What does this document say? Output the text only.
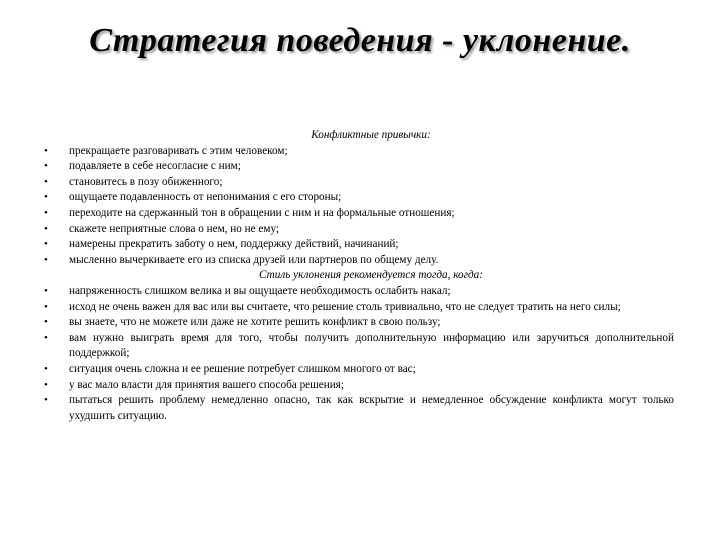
Стратегия поведения - уклонение.
Конфликтные привычки:
• прекращаете разговаривать с этим человеком;
• подавляете в себе несогласие с ним;
• становитесь в позу обиженного;
• ощущаете подавленность от непонимания с его стороны;
• переходите на сдержанный тон в обращении с ним и на формальные отношения;
• скажете неприятные слова о нем, но не ему;
• намерены прекратить заботу о нем, поддержку действий, начинаний;
• мысленно вычеркиваете его из списка друзей или партнеров по общему делу.
Стиль уклонения рекомендуется тогда, когда:
• напряженность слишком велика и вы ощущаете необходимость ослабить накал;
• исход не очень важен для вас или вы считаете, что решение столь тривиально, что не следует тратить на него силы;
• вы знаете, что не можете или даже не хотите решить конфликт в свою пользу;
• вам нужно выиграть время для того, чтобы получить дополнительную информацию или заручиться дополнительной поддержкой;
• ситуация очень сложна и ее решение потребует слишком многого от вас;
• у вас мало власти для принятия вашего способа решения;
• пытаться решить проблему немедленно опасно, так как вскрытие и немедленное обсуждение конфликта могут только ухудшить ситуацию.
